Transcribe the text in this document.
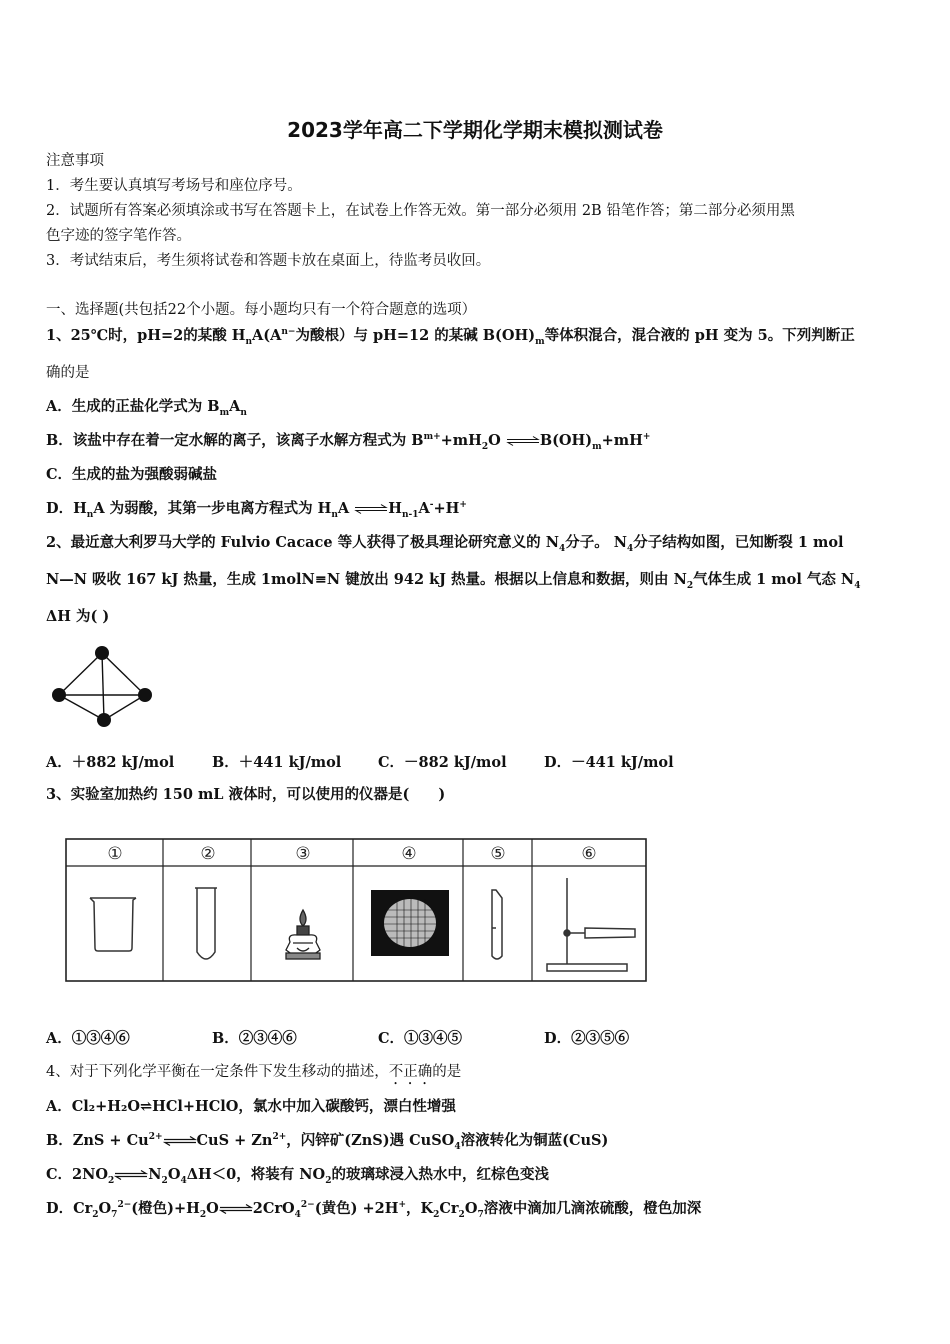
2023学年高二下学期化学期末模拟测试卷
注意事项
1．考生要认真填写考场号和座位序号。
2．试题所有答案必须填涂或书写在答题卡上，在试卷上作答无效。第一部分必须用 2B 铅笔作答；第二部分必须用黑
色字迹的签字笔作答。
3．考试结束后，考生须将试卷和答题卡放在桌面上，待监考员收回。
一、选择题(共包括22个小题。每小题均只有一个符合题意的选项）
1、25℃时，pH=2的某酸 $H_nA(A^{n-}$为酸根）与 pH=12 的某碱 $B(OH)_m$等体积混合，混合液的 pH 变为 5。下列判断正
确的是
A．生成的正盐化学式为 $B_mA_n$
B．该盐中存在着一定水解的离子，该离子水解方程式为 $B^{m+}+mH_2O$ $\rightleftharpoons B(OH)_m+mH^+$
C．生成的盐为强酸弱碱盐
D．$H_nA$ 为弱酸，其第一步电离方程式为 $H_nA$ $\rightleftharpoons H_{n-1}A^-+H^+$
2、最近意大利罗马大学的 Fulvio Cacace 等人获得了极具理论研究意义的 $N_4$分子。 $N_4$分子结构如图，已知断裂 1 mol
N—N 吸收 167 kJ 热量，生成 1molN≡N 键放出 942 kJ 热量。根据以上信息和数据，则由 $N_2$气体生成 1 mol 气态 $N_4$
ΔH 为( )
A．＋882 kJ/mol	B．＋441 kJ/mol	C．－882 kJ/mol	D．－441 kJ/mol
3、实验室加热约 150 mL 液体时，可以使用的仪器是(　　)
①	②	③	④	⑤	⑥
A．①③④⑥	B．②③④⑥	C．①③④⑤	D．②③⑤⑥
4、对于下列化学平衡在一定条件下发生移动的描述，不正确的是
A．Cl₂+H₂O⇌HCl+HClO，氯水中加入碳酸钙，漂白性增强
B．ZnS + $Cu^{2+}\rightleftharpoons CuS + Zn^{2+}$，闪锌矿(ZnS)遇 CuSO$_4$溶液转化为铜蓝(CuS)
C．$2NO_2$ $\rightleftharpoons N_2O_4\Delta H<0$，将装有 $NO_2$的玻璃球浸入热水中，红棕色变浅
D．$Cr_2O_7^{2-}$(橙色)$+H_2O\rightleftharpoons 2CrO_4^{2-}$(黄色) +2H+，$K_2Cr_2O_7$溶液中滴加几滴浓硫酸，橙色加深
